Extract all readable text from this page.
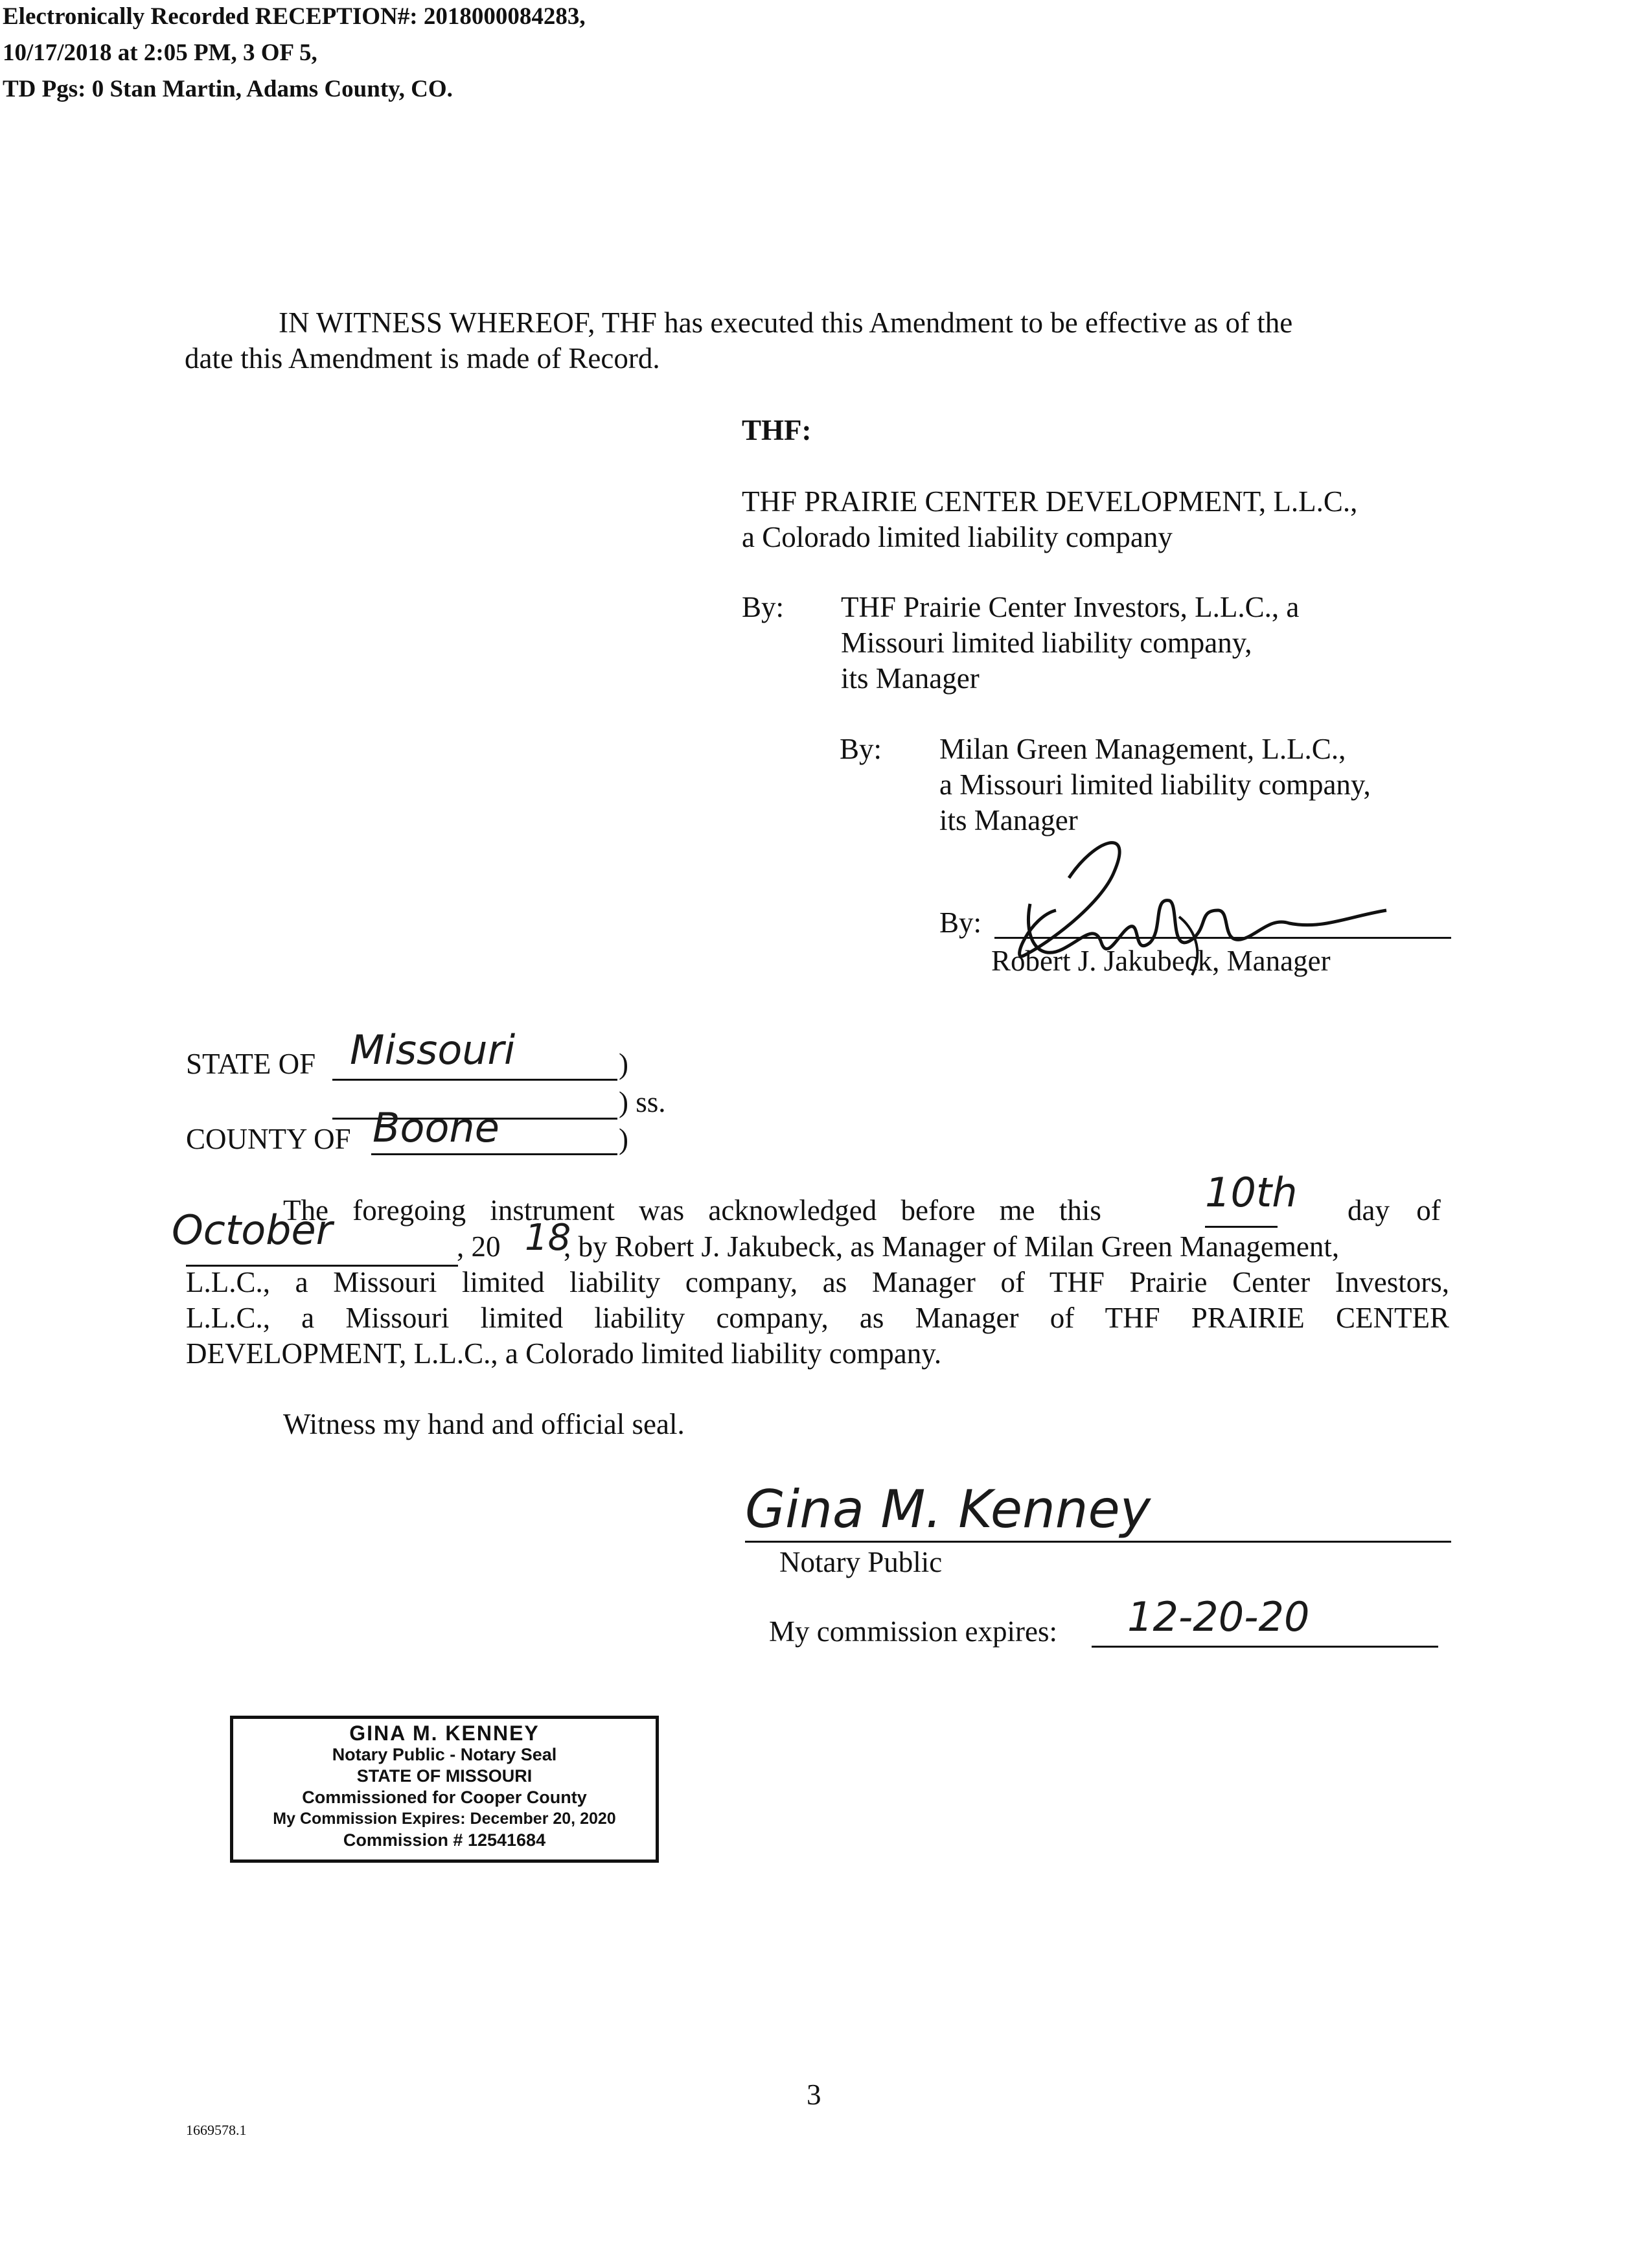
Electronically Recorded RECEPTION#: 2018000084283,
10/17/2018 at 2:05 PM, 3 OF 5,
TD Pgs: 0 Stan Martin, Adams County, CO.
IN WITNESS WHEREOF, THF has executed this Amendment to be effective as of the
date this Amendment is made of Record.
THF:
THF PRAIRIE CENTER DEVELOPMENT, L.L.C.,
a Colorado limited liability company
By: THF Prairie Center Investors, L.L.C., a
Missouri limited liability company,
its Manager
By: Milan Green Management, L.L.C.,
a Missouri limited liability company,
its Manager
By:
Robert J. Jakubeck, Manager
STATE OF Missouri	)
) ss.
COUNTY OF Boone	)
The foregoing instrument was acknowledged before me this	10th day of
October	, 20 18
, by Robert J. Jakubeck, as Manager of Milan Green Management,
L.L.C., a Missouri limited liability company, as Manager of THF Prairie Center Investors,
L.L.C., a Missouri limited liability company, as Manager of THF PRAIRIE CENTER
DEVELOPMENT, L.L.C., a Colorado limited liability company.
Witness my hand and official seal.
Gina M. Kenney
Notary Public
My commission expires: 12-20-20
GINA M. KENNEY
Notary Public - Notary Seal
STATE OF MISSOURI
Commissioned for Cooper County
My Commission Expires: December 20, 2020
Commission # 12541684
3
1669578.1
